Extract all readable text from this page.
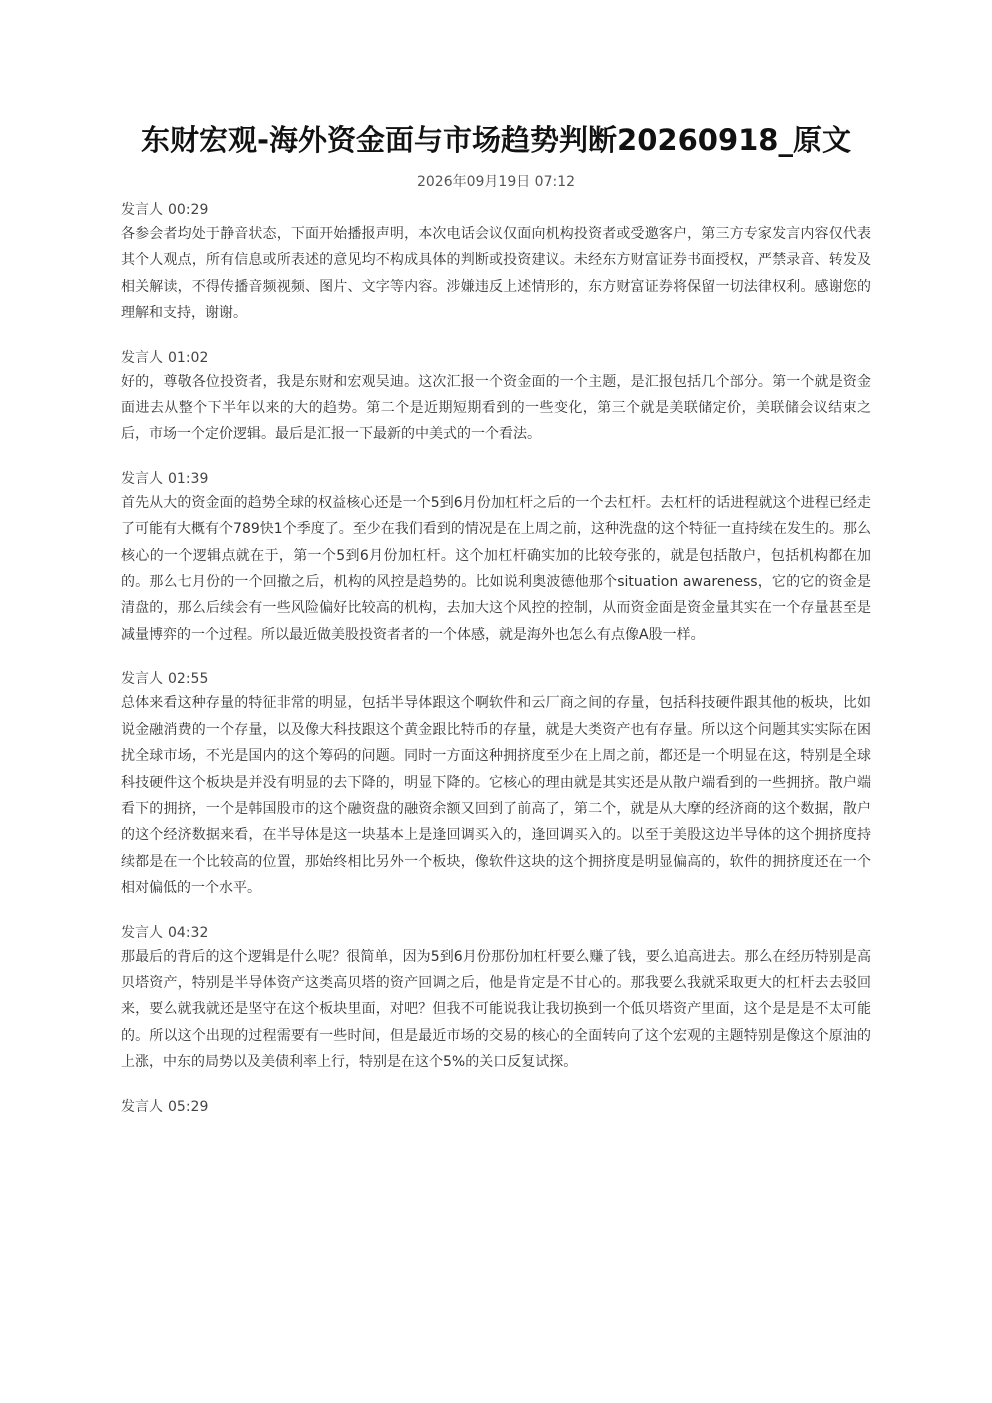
东财宏观-海外资金面与市场趋势判断20260918_原文
2026年09月19日 07:12
发言人 00:29

各参会者均处于静音状态，下面开始播报声明，本次电话会议仅面向机构投资者或受邀客户，第三方专家发言内容仅代表其个人观点，所有信息或所表述的意见均不构成具体的判断或投资建议。未经东方财富证券书面授权，严禁录音、转发及相关解读，不得传播音频视频、图片、文字等内容。涉嫌违反上述情形的，东方财富证券将保留一切法律权利。感谢您的理解和支持，谢谢。

发言人 01:02

好的，尊敬各位投资者，我是东财和宏观吴迪。这次汇报一个资金面的一个主题，是汇报包括几个部分。第一个就是资金面进去从整个下半年以来的大的趋势。第二个是近期短期看到的一些变化，第三个就是美联储定价，美联储会议结束之后，市场一个定价逻辑。最后是汇报一下最新的中美式的一个看法。

发言人 01:39

首先从大的资金面的趋势全球的权益核心还是一个5到6月份加杠杆之后的一个去杠杆。去杠杆的话进程就这个进程已经走了可能有大概有个789快1个季度了。至少在我们看到的情况是在上周之前，这种洗盘的这个特征一直持续在发生的。那么核心的一个逻辑点就在于，第一个5到6月份加杠杆。这个加杠杆确实加的比较夸张的，就是包括散户，包括机构都在加的。那么七月份的一个回撤之后，机构的风控是趋势的。比如说利奥波德他那个situation awareness，它的它的资金是清盘的，那么后续会有一些风险偏好比较高的机构，去加大这个风控的控制，从而资金面是资金量其实在一个存量甚至是减量博弈的一个过程。所以最近做美股投资者者的一个体感，就是海外也怎么有点像A股一样。

发言人 02:55

总体来看这种存量的特征非常的明显，包括半导体跟这个啊软件和云厂商之间的存量，包括科技硬件跟其他的板块，比如说金融消费的一个存量，以及像大科技跟这个黄金跟比特币的存量，就是大类资产也有存量。所以这个问题其实实际在困扰全球市场，不光是国内的这个筹码的问题。同时一方面这种拥挤度至少在上周之前，都还是一个明显在这，特别是全球科技硬件这个板块是并没有明显的去下降的，明显下降的。它核心的理由就是其实还是从散户端看到的一些拥挤。散户端看下的拥挤，一个是韩国股市的这个融资盘的融资余额又回到了前高了，第二个，就是从大摩的经济商的这个数据，散户的这个经济数据来看，在半导体是这一块基本上是逢回调买入的，逢回调买入的。以至于美股这边半导体的这个拥挤度持续都是在一个比较高的位置，那始终相比另外一个板块，像软件这块的这个拥挤度是明显偏高的，软件的拥挤度还在一个相对偏低的一个水平。

发言人 04:32

那最后的背后的这个逻辑是什么呢？很简单，因为5到6月份那份加杠杆要么赚了钱，要么追高进去。那么在经历特别是高贝塔资产，特别是半导体资产这类高贝塔的资产回调之后，他是肯定是不甘心的。那我要么我就采取更大的杠杆去去驳回来，要么就我就还是坚守在这个板块里面，对吧？但我不可能说我让我切换到一个低贝塔资产里面，这个是是是不太可能的。所以这个出现的过程需要有一些时间，但是最近市场的交易的核心的全面转向了这个宏观的主题特别是像这个原油的上涨，中东的局势以及美债利率上行，特别是在这个5%的关口反复试探。

发言人 05:29
